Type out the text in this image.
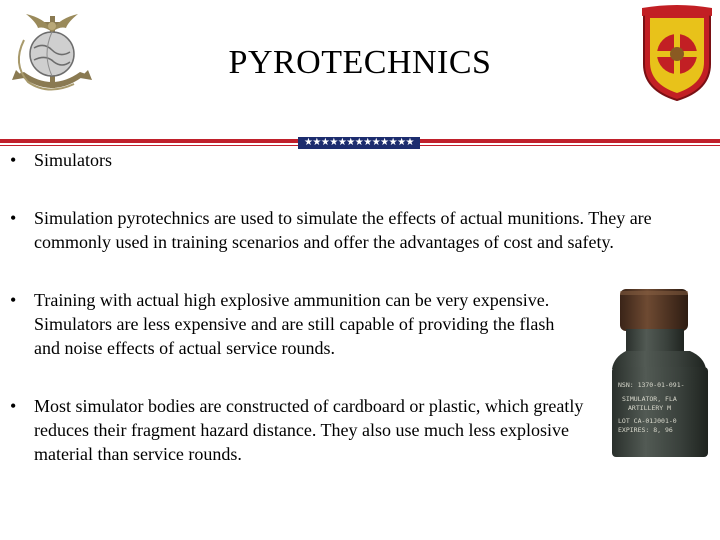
PYROTECHNICS
★★★★★★★★★★★★★
• Simulators
• Simulation pyrotechnics are used to simulate the effects of actual munitions. They are commonly used in training scenarios and offer the advantages of cost and safety.
• Training with actual high explosive ammunition can be very expensive. Simulators are less expensive and are still capable of providing the flash and noise effects of actual service rounds.
• Most simulator bodies are constructed of cardboard or plastic, which greatly reduces their fragment hazard distance. They also use much less explosive material than service rounds.
NSN: 1370-01-091-
SIMULATOR, FLA
ARTILLERY M
LOT CA-01J001-0
EXPIRES: 8, 96
